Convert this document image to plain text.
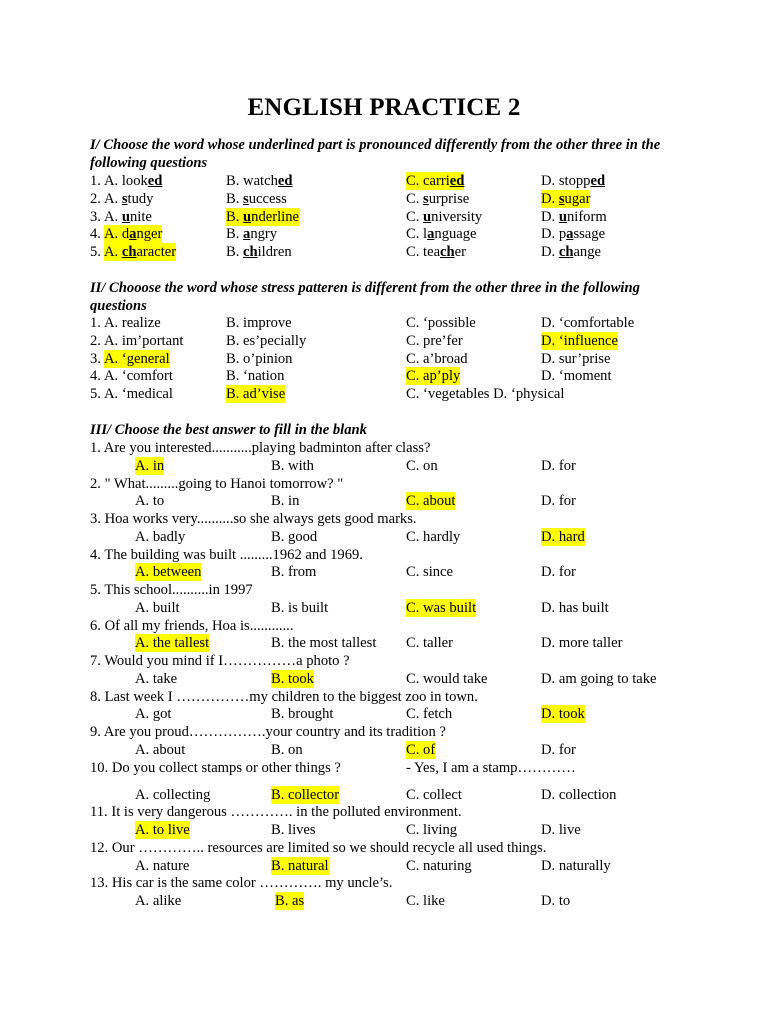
ENGLISH PRACTICE 2
I/ Choose the word whose underlined part is pronounced differently from the other three in the following questions
1. A. looked	B. watched	C. carried	D. stopped
2. A. study	B. success	C. surprise	D. sugar
3. A. unite	B. underline	C. university	D. uniform
4. A. danger	B. angry	C. language	D. passage
5. A. character	B. children	C. teacher	D. change
II/ Chooose the word whose stress patteren is different from the other three in the following questions
1. A. realize	B. improve	C. ‘possible	D. ‘comfortable
2. A. im’portant	B. es’pecially	C. pre’fer	D. ‘influence
3. A. ‘general	B. o’pinion	C. a’broad	D. sur’prise
4. A. ‘comfort	B. ‘nation	C. ap’ply	D. ‘moment
5. A. ‘medical	B. ad’vise	C. ‘vegetables D. ‘physical
III/ Choose the best answer to fill in the blank
1. Are you interested...........playing badminton after class?
A. in	B. with	C. on	D. for
2. " What.........going to Hanoi tomorrow? "
A. to	B. in	C. about	D. for
3. Hoa works very..........so she always gets good marks.
A. badly	B. good	C. hardly	D. hard
4. The building was built .........1962 and 1969.
A. between	B. from	C. since	D. for
5. This school..........in 1997
A. built	B. is built	C. was built	D. has built
6. Of all my friends, Hoa is............
A. the tallest	B. the most tallest C. taller	D. more taller
7. Would you mind if I……………a photo ?
A. take	B. took	C. would take	D. am going to take
8. Last week I ……………my children to the biggest zoo in town.
A. got	B. brought	C. fetch	D. took
9. Are you proud…………….your country and its tradition ?
A. about	B. on	C. of	D. for
10. Do you collect stamps or other things ?	- Yes, I am a stamp…………
A. collecting	B. collector	C. collect	D. collection
11. It is very dangerous …………. in the polluted environment.
A. to live	B. lives	C. living	D. live
12. Our ………….. resources are limited so we should recycle all used things.
A. nature	B. natural	C. naturing	D. naturally
13. His car is the same color …………. my uncle’s.
A. alike	B. as	C. like	D. to
